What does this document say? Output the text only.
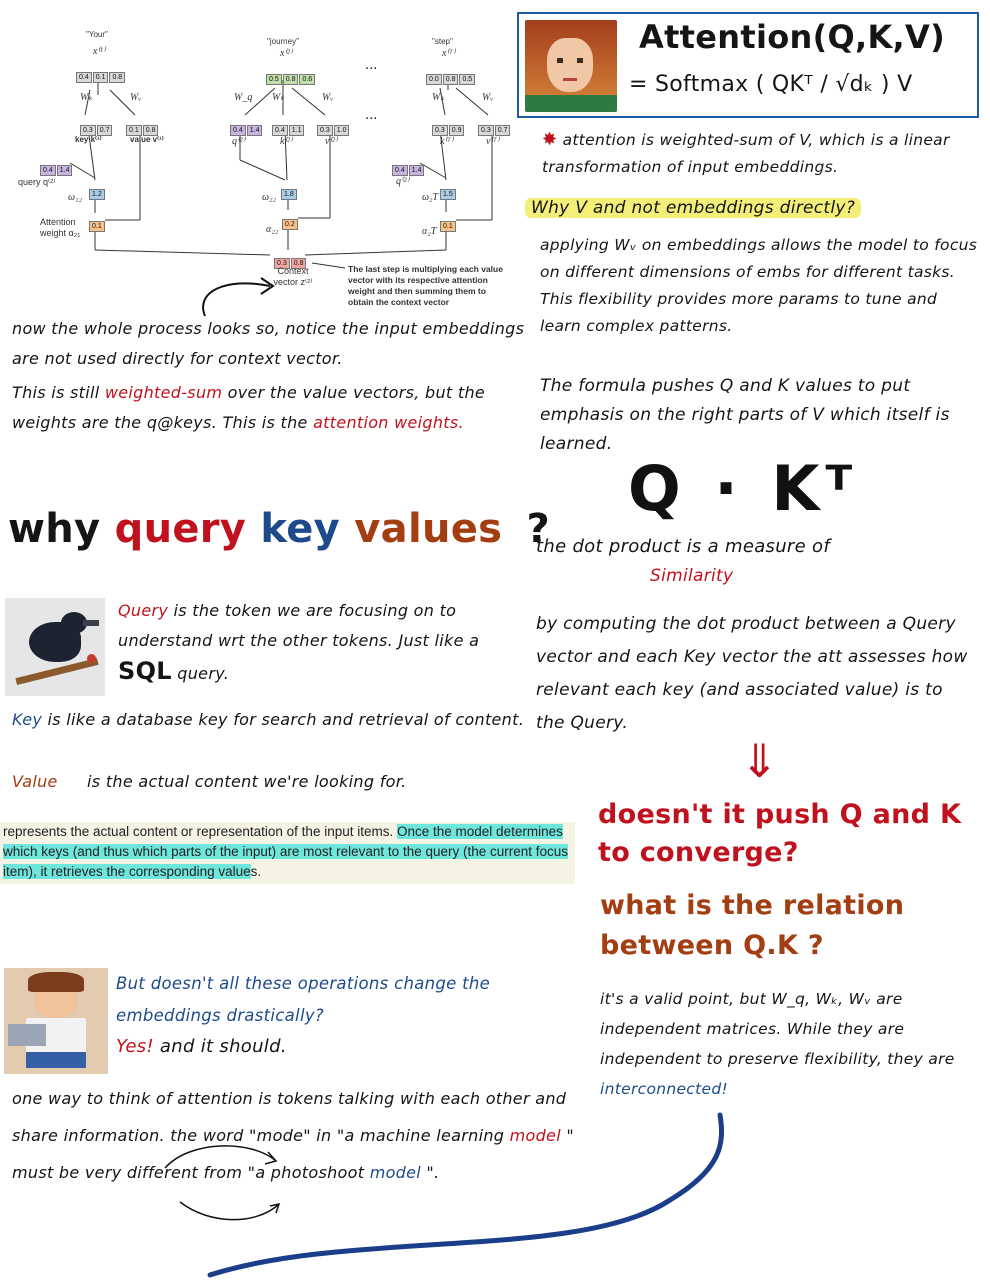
"Your"
x⁽¹⁾
0.4 0.1 0.8
"journey"
x⁽²⁾
0.5 0.8 0.6
"step"
x⁽ᵀ⁾
0.0 0.8 0.5
...
...
Wₖ	Wᵥ	W_q Wₖ	Wᵥ	Wₖ	Wᵥ
0.3 0.7	0.1 0.8
key k⁽¹⁾	value v⁽¹⁾
0.4 1.4	0.4 1.1	0.3 1.0
q⁽²⁾	k⁽²⁾	v⁽²⁾
0.3 0.9	0.3 0.7
k⁽ᵀ⁾	v⁽ᵀ⁾
0.4 1.4
query q⁽²⁾
0.4 1.4
q⁽²⁾
1.2
ω₁₂	1.8
ω₂₂	1.5
ω₂T
0.1
Attention weight α₂₁
0.2
α₂₂	0.1
α₂T
0.3 0.8
Context vector z⁽²⁾
The last step is multiplying each value vector with its respective attention weight and then summing them to obtain the context vector
Attention(Q,K,V)
= Softmax ( QKᵀ / √dₖ ) V
✸ attention is weighted-sum of V, which is a linear transformation of input embeddings.
Why V and not embeddings directly?
applying Wᵥ on embeddings allows the model to focus on different dimensions of embs for different tasks. This flexibility provides more params to tune and learn complex patterns.
The formula pushes Q and K values to put emphasis on the right parts of V which itself is learned.
Q · Kᵀ
the dot product is a measure of
Similarity
by computing the dot product between a Query vector and each Key vector the att assesses how relevant each key (and associated value) is to the Query.
⇓
doesn't it push Q and K to converge?
what is the relation between Q.K ?
it's a valid point, but W_q, Wₖ, Wᵥ are independent matrices. While they are independent to preserve flexibility, they are interconnected!
now the whole process looks so, notice the input embeddings are not used directly for context vector.
This is still weighted-sum over the value vectors, but the weights are the q@keys. This is the attention weights.
why query key values ?
Query is the token we are focusing on to understand wrt the other tokens. Just like a SQL query.
Key is like a database key for search and retrieval of content.
Value is the actual content we're looking for.
represents the actual content or representation of the input items. Once the model determines which keys (and thus which parts of the input) are most relevant to the query (the current focus item), it retrieves the corresponding values.
But doesn't all these operations change the embeddings drastically?
Yes! and it should.
one way to think of attention is tokens talking with each other and share information. the word "mode" in "a machine learning model " must be very different from "a photoshoot model ".
